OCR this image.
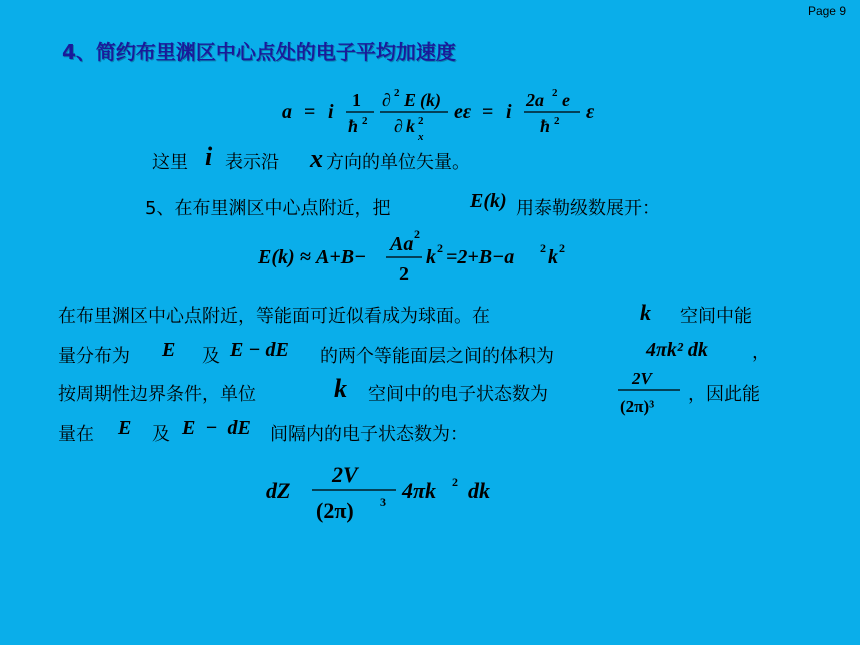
Page 9
4、简约布里渊区中心点处的电子平均加速度
a = i
1
ħ 2
∂ 2 E (k)
∂ k 2
x
eε = i
2a 2 e
ħ 2 ε
这里 i 表示沿 x 方向的单位矢量。
5、在布里渊区中心点附近，把	E(k) 用泰勒级数展开：
E(k) ≈ A+B−
Aa 2
2
k 2 =2+B−a 2 k 2
在布里渊区中心点附近，等能面可近似看成为球面。在	k 空间中能
量分布为 E 及 E − dE 的两个等能面层之间的体积为	4πk² dk ，
按周期性边界条件，单位	k 空间中的电子状态数为
2V
(2π)³
，因此能
量在 E 及 E  −  dE 间隔内的电子状态数为：
dZ
2V
(2π) 3 4πk 2 dk
